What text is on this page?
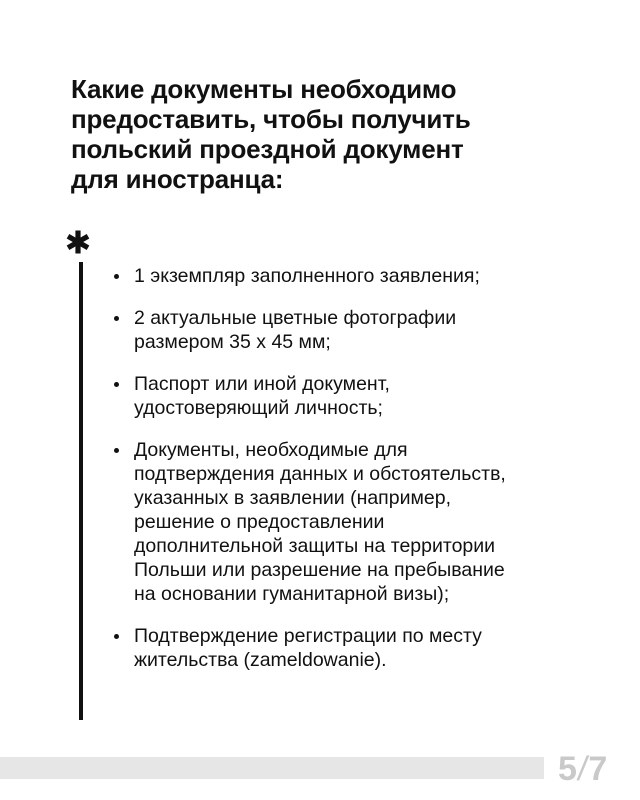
Какие документы необходимо
предоставить, чтобы получить
польский проездной документ
для иностранца:
1 экземпляр заполненного заявления;
2 актуальные цветные фотографии
размером 35 х 45 мм;
Паспорт или иной документ,
удостоверяющий личность;
Документы, необходимые для
подтверждения данных и обстоятельств,
указанных в заявлении (например,
решение о предоставлении
дополнительной защиты на территории
Польши или разрешение на пребывание
на основании гуманитарной визы);
Подтверждение регистрации по месту
жительства (zameldowanie).
5/7
